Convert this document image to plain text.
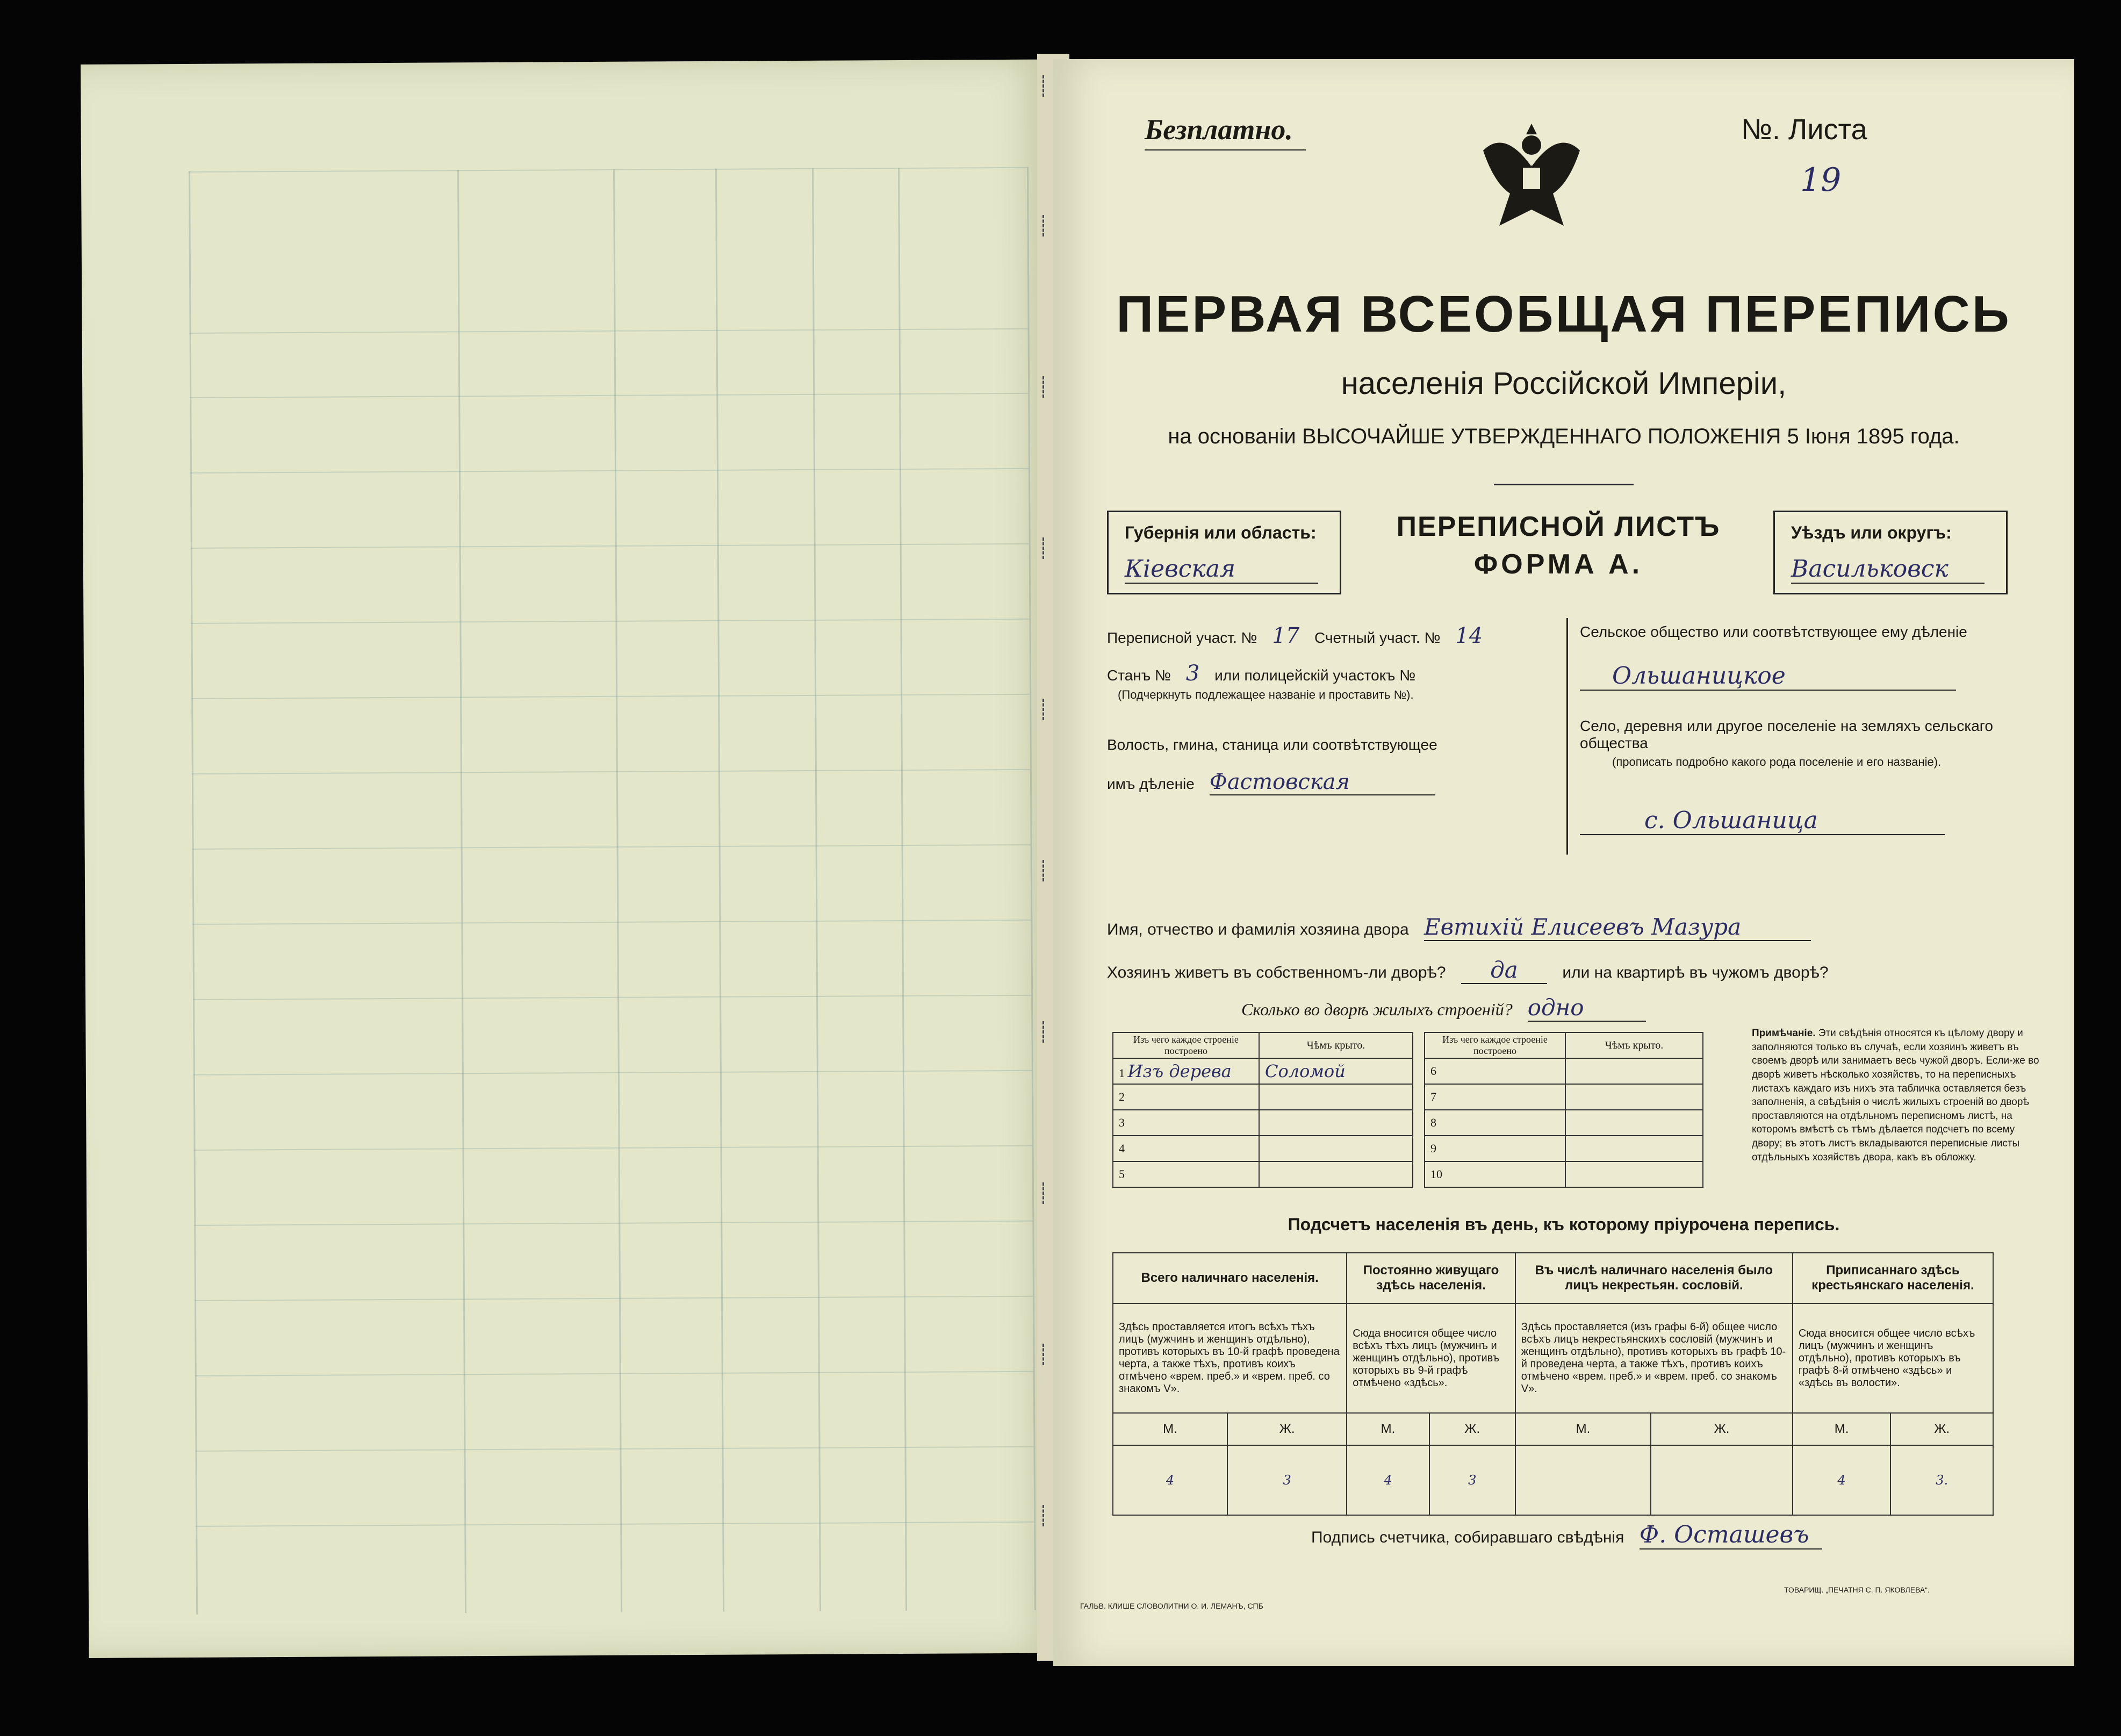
Безплатно.	№. Листа
19
ПЕРВАЯ ВСЕОБЩАЯ ПЕРЕПИСЬ
населенія Россійской Имперіи,
на основаніи ВЫСОЧАЙШЕ УТВЕРЖДЕННАГО ПОЛОЖЕНІЯ 5 Іюня 1895 года.
Губернія или область:
Кіевская
ПЕРЕПИСНОЙ ЛИСТЪ
ФОРМА А.
Уѣздъ или округъ:
Васильковск
Переписной участ. № 17 Счетный участ. № 14
Станъ № 3 или полицейскій участокъ №
(Подчеркнуть подлежащее названіе и проставить №).
Волость, гмина, станица или соотвѣтствующее
имъ дѣленіе Фастовская
Сельское общество или соотвѣтствующее ему дѣленіе
Ольшаницкое
Село, деревня или другое поселеніе на земляхъ сельскаго общества
(прописать подробно какого рода поселеніе и его названіе).
с. Ольшаница
Имя, отчество и фамилія хозяина двора Евтихій Елисеевъ Мазура
Хозяинъ живетъ въ собственномъ-ли дворѣ? да	или на квартирѣ въ чужомъ дворѣ?
Сколько во дворѣ жилыхъ строеній? одно
Изъ чего каждое строеніе построено	Чѣмъ крыто.
1 Изъ дерева	Соломой
2	
3	
4	
5	
Изъ чего каждое строеніе построено	Чѣмъ крыто.
6	
7	
8	
9	
10	
Примѣчаніе. Эти свѣдѣнія относятся къ цѣлому двору и заполняются только въ случаѣ, если хозяинъ живетъ въ своемъ дворѣ или занимаетъ весь чужой дворъ. Если-же во дворѣ живетъ нѣсколько хозяйствъ, то на переписныхъ листахъ каждаго изъ нихъ эта табличка оставляется безъ заполненія, а свѣдѣнія о числѣ жилыхъ строеній во дворѣ проставляются на отдѣльномъ переписномъ листѣ, на которомъ вмѣстѣ съ тѣмъ дѣлается подсчетъ по всему двору; въ этотъ листъ вкладываются переписные листы отдѣльныхъ хозяйствъ двора, какъ въ обложку.
Подсчетъ населенія въ день, къ которому пріурочена перепись.
Всего наличнаго населенія.		Постоянно живущаго здѣсь населенія.		Въ числѣ наличнаго населенія было лицъ некрестьян. сословій.		Приписаннаго здѣсь крестьянскаго населенія.	
Здѣсь проставляется итогъ всѣхъ тѣхъ лицъ (мужчинъ и женщинъ отдѣльно), противъ которыхъ въ 10-й графѣ проведена черта, а также тѣхъ, противъ коихъ отмѣчено «врем. преб.» и «врем. преб. со знакомъ V».		Сюда вносится общее число всѣхъ тѣхъ лицъ (мужчинъ и женщинъ отдѣльно), противъ которыхъ въ 9-й графѣ отмѣчено «здѣсь».		Здѣсь проставляется (изъ графы 6-й) общее число всѣхъ лицъ некрестьянскихъ сословій (мужчинъ и женщинъ отдѣльно), противъ которыхъ въ графѣ 10-й проведена черта, а также тѣхъ, противъ коихъ отмѣчено «врем. преб.» и «врем. преб. со знакомъ V».		Сюда вносится общее число всѣхъ лицъ (мужчинъ и женщинъ отдѣльно), противъ которыхъ въ графѣ 8-й отмѣчено «здѣсь» и «здѣсь въ волости».	
М.	Ж.	М.	Ж.	М.	Ж.	М.	Ж.
4	3	4	3			4	3.
Подпись счетчика, собиравшаго свѣдѣнія Ф. Осташевъ
ГАЛЬВ. КЛИШЕ СЛОВОЛИТНИ О. И. ЛЕМАНЪ, СПБ
ТОВАРИЩ. „ПЕЧАТНЯ С. П. ЯКОВЛЕВА“.
